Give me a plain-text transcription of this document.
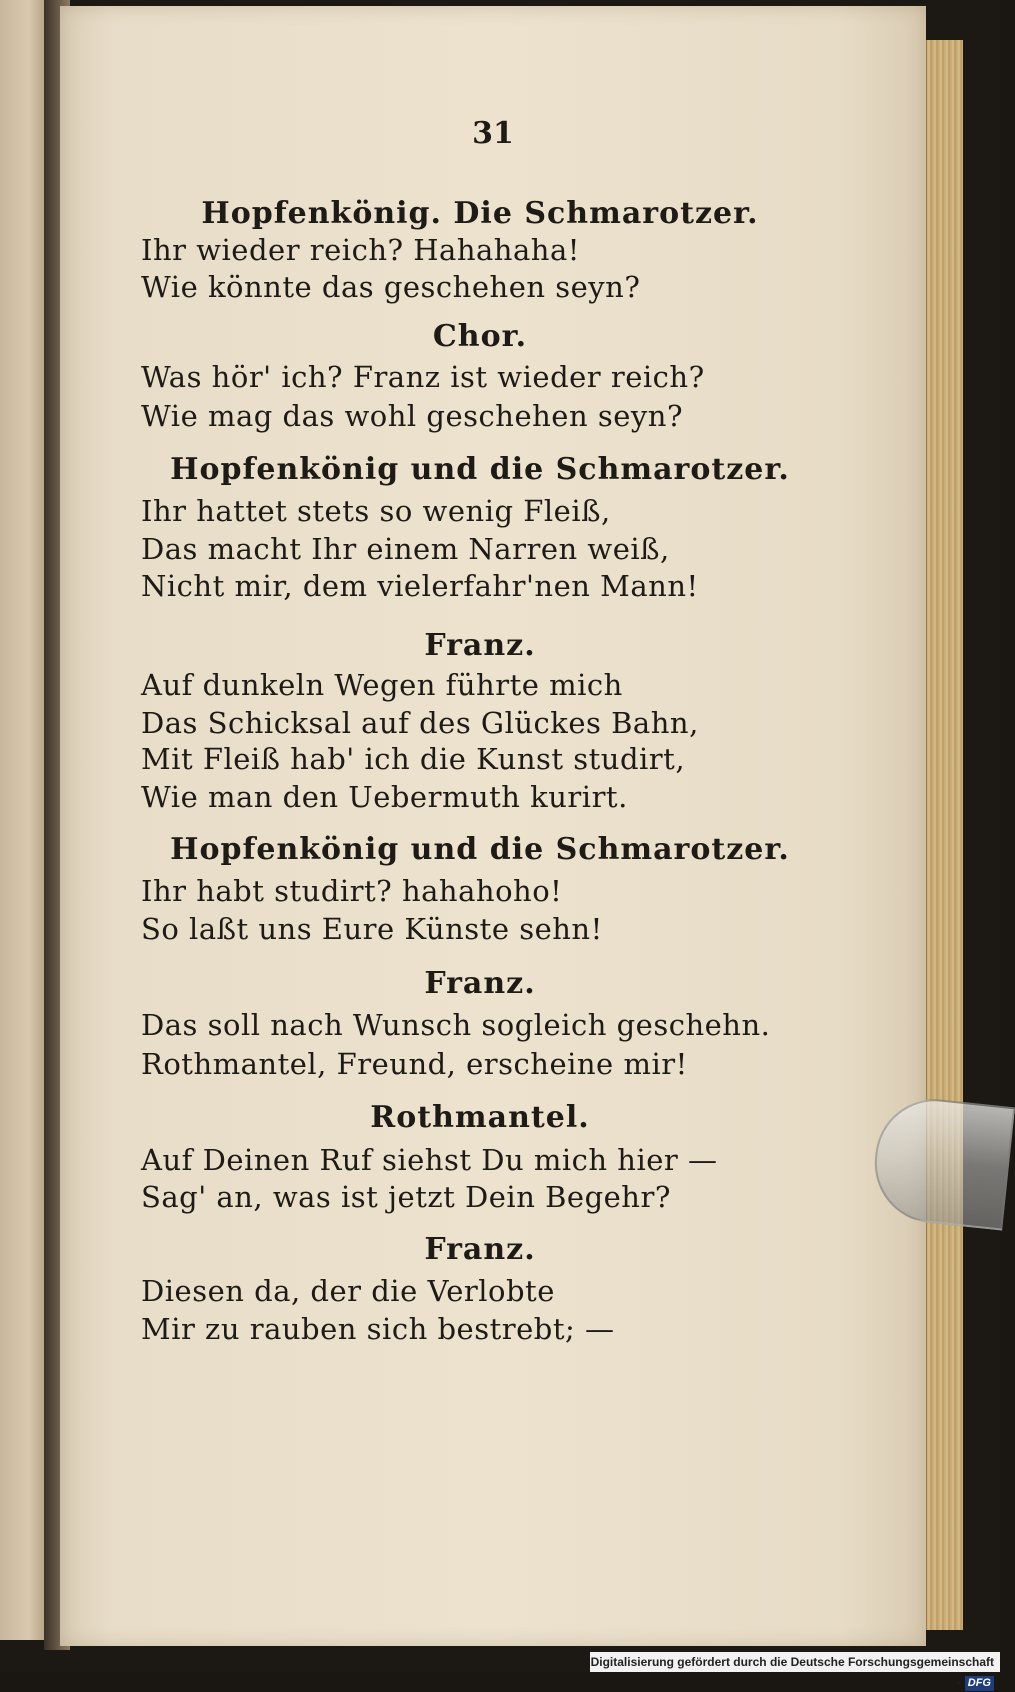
31
Hopfenkönig. Die Schmarotzer.
Ihr wieder reich? Hahahaha!
Wie könnte das geschehen seyn?
Chor.
Was hör' ich? Franz ist wieder reich?
Wie mag das wohl geschehen seyn?
Hopfenkönig und die Schmarotzer.
Ihr hattet stets so wenig Fleiß,
Das macht Ihr einem Narren weiß,
Nicht mir, dem vielerfahr'nen Mann!
Franz.
Auf dunkeln Wegen führte mich
Das Schicksal auf des Glückes Bahn,
Mit Fleiß hab' ich die Kunst studirt,
Wie man den Uebermuth kurirt.
Hopfenkönig und die Schmarotzer.
Ihr habt studirt? hahahoho!
So laßt uns Eure Künste sehn!
Franz.
Das soll nach Wunsch sogleich geschehn.
Rothmantel, Freund, erscheine mir!
Rothmantel.
Auf Deinen Ruf siehst Du mich hier —
Sag' an, was ist jetzt Dein Begehr?
Franz.
Diesen da, der die Verlobte
Mir zu rauben sich bestrebt; —
Digitalisierung gefördert durch die Deutsche Forschungsgemeinschaft - DFG
